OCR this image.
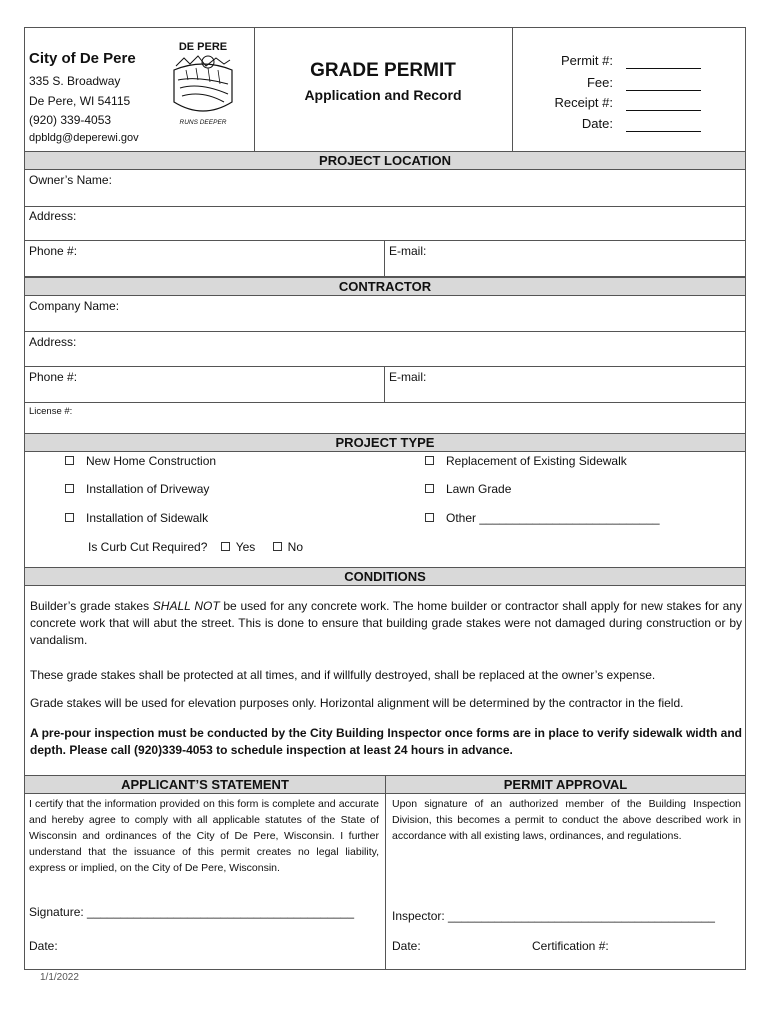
City of De Pere
335 S. Broadway
De Pere, WI 54115
(920) 339-4053
dpbldg@deperewi.gov
DE PERE
RUNS DEEPER
GRADE PERMIT
Application and Record
Permit #:
Fee:
Receipt #:
Date:
PROJECT LOCATION
Owner’s Name:
Address:
Phone #:	E-mail:
CONTRACTOR
Company Name:
Address:
Phone #:	E-mail:
License #:
PROJECT TYPE
New Home Construction
Installation of Driveway
Installation of Sidewalk
Replacement of Existing Sidewalk
Lawn Grade
Other ___________________________
Is Curb Cut Required? Yes	No
CONDITIONS
Builder’s grade stakes SHALL NOT be used for any concrete work. The home builder or contractor shall apply for new stakes for any concrete work that will abut the street. This is done to ensure that building grade stakes were not damaged during construction or by vandalism.
These grade stakes shall be protected at all times, and if willfully destroyed, shall be replaced at the owner’s expense.
Grade stakes will be used for elevation purposes only. Horizontal alignment will be determined by the contractor in the field.
A pre-pour inspection must be conducted by the City Building Inspector once forms are in place to verify sidewalk width and depth. Please call (920)339-4053 to schedule inspection at least 24 hours in advance.
APPLICANT’S STATEMENT	PERMIT APPROVAL
I certify that the information provided on this form is complete and accurate and hereby agree to comply with all applicable statutes of the State of Wisconsin and ordinances of the City of De Pere, Wisconsin. I further understand that the issuance of this permit creates no legal liability, express or implied, on the City of De Pere, Wisconsin.
Upon signature of an authorized member of the Building Inspection Division, this becomes a permit to conduct the above described work in accordance with all existing laws, ordinances, and regulations.
Signature: ________________________________________
Date:
Inspector: ________________________________________
Date:	Certification #:
1/1/2022
